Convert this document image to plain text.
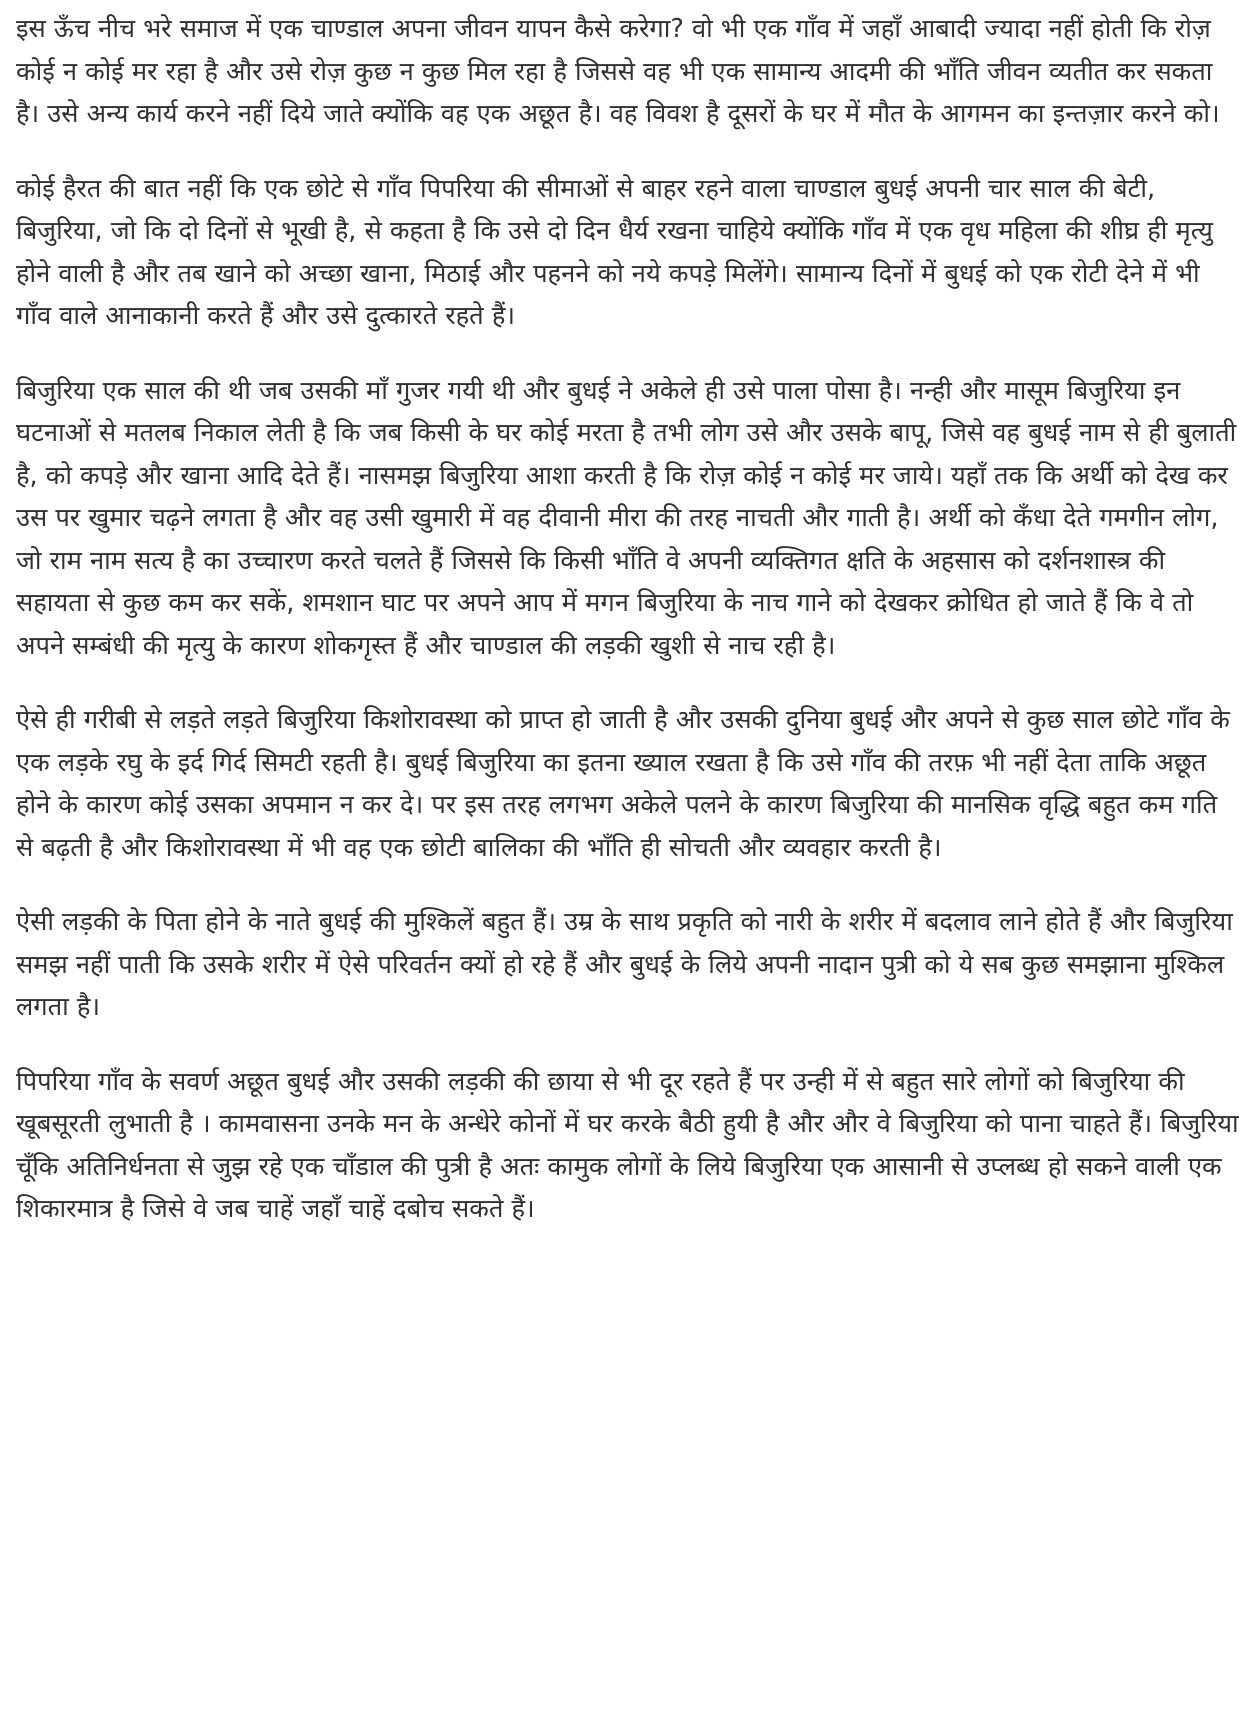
इस ऊँच नीच भरे समाज में एक चाण्डाल अपना जीवन यापन कैसे करेगा? वो भी एक गाँव में जहाँ आबादी ज्यादा नहीं होती कि रोज़ कोई न कोई मर रहा है और उसे रोज़ कुछ न कुछ मिल रहा है जिससे वह भी एक सामान्य आदमी की भाँति जीवन व्यतीत कर सकता है। उसे अन्य कार्य करने नहीं दिये जाते क्योंकि वह एक अछूत है। वह विवश है दूसरों के घर में मौत के आगमन का इन्तज़ार करने को।

कोई हैरत की बात नहीं कि एक छोटे से गाँव पिपरिया की सीमाओं से बाहर रहने वाला चाण्डाल बुधई अपनी चार साल की बेटी, बिजुरिया, जो कि दो दिनों से भूखी है, से कहता है कि उसे दो दिन धैर्य रखना चाहिये क्योंकि गाँव में एक वृध महिला की शीघ्र ही मृत्यु होने वाली है और तब खाने को अच्छा खाना, मिठाई और पहनने को नये कपड़े मिलेंगे। सामान्य दिनों में बुधई को एक रोटी देने में भी गाँव वाले आनाकानी करते हैं और उसे दुत्कारते रहते हैं।

बिजुरिया एक साल की थी जब उसकी माँ गुजर गयी थी और बुधई ने अकेले ही उसे पाला पोसा है। नन्ही और मासूम बिजुरिया इन घटनाओं से मतलब निकाल लेती है कि जब किसी के घर कोई मरता है तभी लोग उसे और उसके बापू, जिसे वह बुधई नाम से ही बुलाती है, को कपड़े और खाना आदि देते हैं। नासमझ बिजुरिया आशा करती है कि रोज़ कोई न कोई मर जाये। यहाँ तक कि अर्थी को देख कर उस पर खुमार चढ़ने लगता है और वह उसी खुमारी में वह दीवानी मीरा की तरह नाचती और गाती है। अर्थी को कँधा देते गमगीन लोग, जो राम नाम सत्य है का उच्चारण करते चलते हैं जिससे कि किसी भाँति वे अपनी व्यक्तिगत क्षति के अहसास को दर्शनशास्त्र की सहायता से कुछ कम कर सकें, शमशान घाट पर अपने आप में मगन बिजुरिया के नाच गाने को देखकर क्रोधित हो जाते हैं कि वे तो अपने सम्बंधी की मृत्यु के कारण शोकगृस्त हैं और चाण्डाल की लड़की खुशी से नाच रही है।

ऐसे ही गरीबी से लड़ते लड़ते बिजुरिया किशोरावस्था को प्राप्त हो जाती है और उसकी दुनिया बुधई और अपने से कुछ साल छोटे गाँव के एक लड़के रघु के इर्द गिर्द सिमटी रहती है। बुधई बिजुरिया का इतना ख्याल रखता है कि उसे गाँव की तरफ़ भी नहीं देता ताकि अछूत होने के कारण कोई उसका अपमान न कर दे। पर इस तरह लगभग अकेले पलने के कारण बिजुरिया की मानसिक वृद्धि बहुत कम गति से बढ़ती है और किशोरावस्था में भी वह एक छोटी बालिका की भाँति ही सोचती और व्यवहार करती है।

ऐसी लड़की के पिता होने के नाते बुधई की मुश्किलें बहुत हैं। उम्र के साथ प्रकृति को नारी के शरीर में बदलाव लाने होते हैं और बिजुरिया समझ नहीं पाती कि उसके शरीर में ऐसे परिवर्तन क्यों हो रहे हैं और बुधई के लिये अपनी नादान पुत्री को ये सब कुछ समझाना मुश्किल लगता है।

पिपरिया गाँव के सवर्ण अछूत बुधई और उसकी लड़की की छाया से भी दूर रहते हैं पर उन्ही में से बहुत सारे लोगों को बिजुरिया की खूबसूरती लुभाती है । कामवासना उनके मन के अन्धेरे कोनों में घर करके बैठी हुयी है और और वे बिजुरिया को पाना चाहते हैं। बिजुरिया चूँकि अतिनिर्धनता से जुझ रहे एक चाँडाल की पुत्री है अतः कामुक लोगों के लिये बिजुरिया एक आसानी से उप्लब्ध हो सकने वाली एक शिकारमात्र है जिसे वे जब चाहें जहाँ चाहें दबोच सकते हैं।
